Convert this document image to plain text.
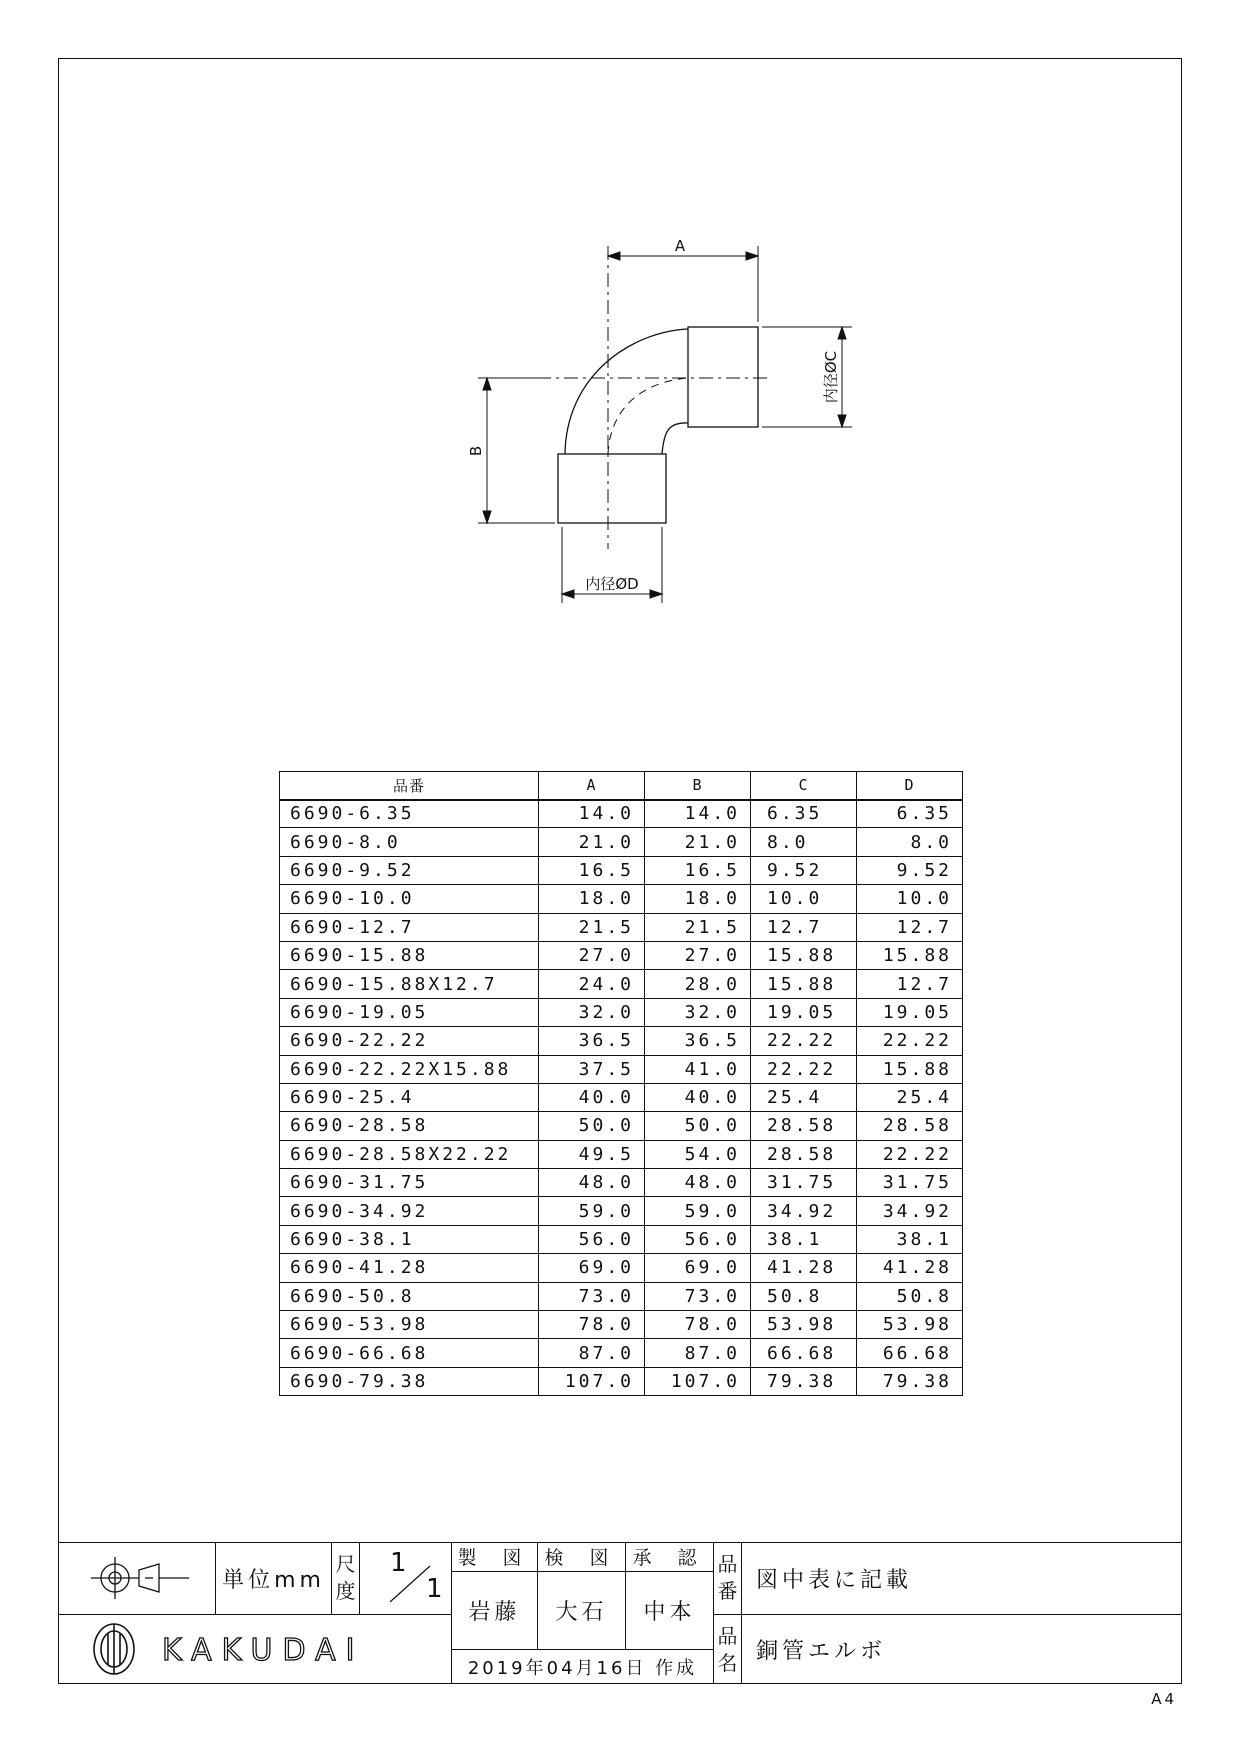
A
B
内径ØC
内径ØD
品番	A	B	C	D
6690-6.35	14.0	14.0	6.35	6.35
6690-8.0	21.0	21.0	8.0	8.0
6690-9.52	16.5	16.5	9.52	9.52
6690-10.0	18.0	18.0	10.0	10.0
6690-12.7	21.5	21.5	12.7	12.7
6690-15.88	27.0	27.0	15.88	15.88
6690-15.88X12.7	24.0	28.0	15.88	12.7
6690-19.05	32.0	32.0	19.05	19.05
6690-22.22	36.5	36.5	22.22	22.22
6690-22.22X15.88	37.5	41.0	22.22	15.88
6690-25.4	40.0	40.0	25.4	25.4
6690-28.58	50.0	50.0	28.58	28.58
6690-28.58X22.22	49.5	54.0	28.58	22.22
6690-31.75	48.0	48.0	31.75	31.75
6690-34.92	59.0	59.0	34.92	34.92
6690-38.1	56.0	56.0	38.1	38.1
6690-41.28	69.0	69.0	41.28	41.28
6690-50.8	73.0	73.0	50.8	50.8
6690-53.98	78.0	78.0	53.98	53.98
6690-66.68	87.0	87.0	66.68	66.68
6690-79.38	107.0	107.0	79.38	79.38
単位mm
尺
度
1
1
製 図 検 図 承 認
岩藤 大石 中本
2019年04月16日 作成
品
番 図中表に記載
KAKUDAI	品
名 銅管エルボ
A4
